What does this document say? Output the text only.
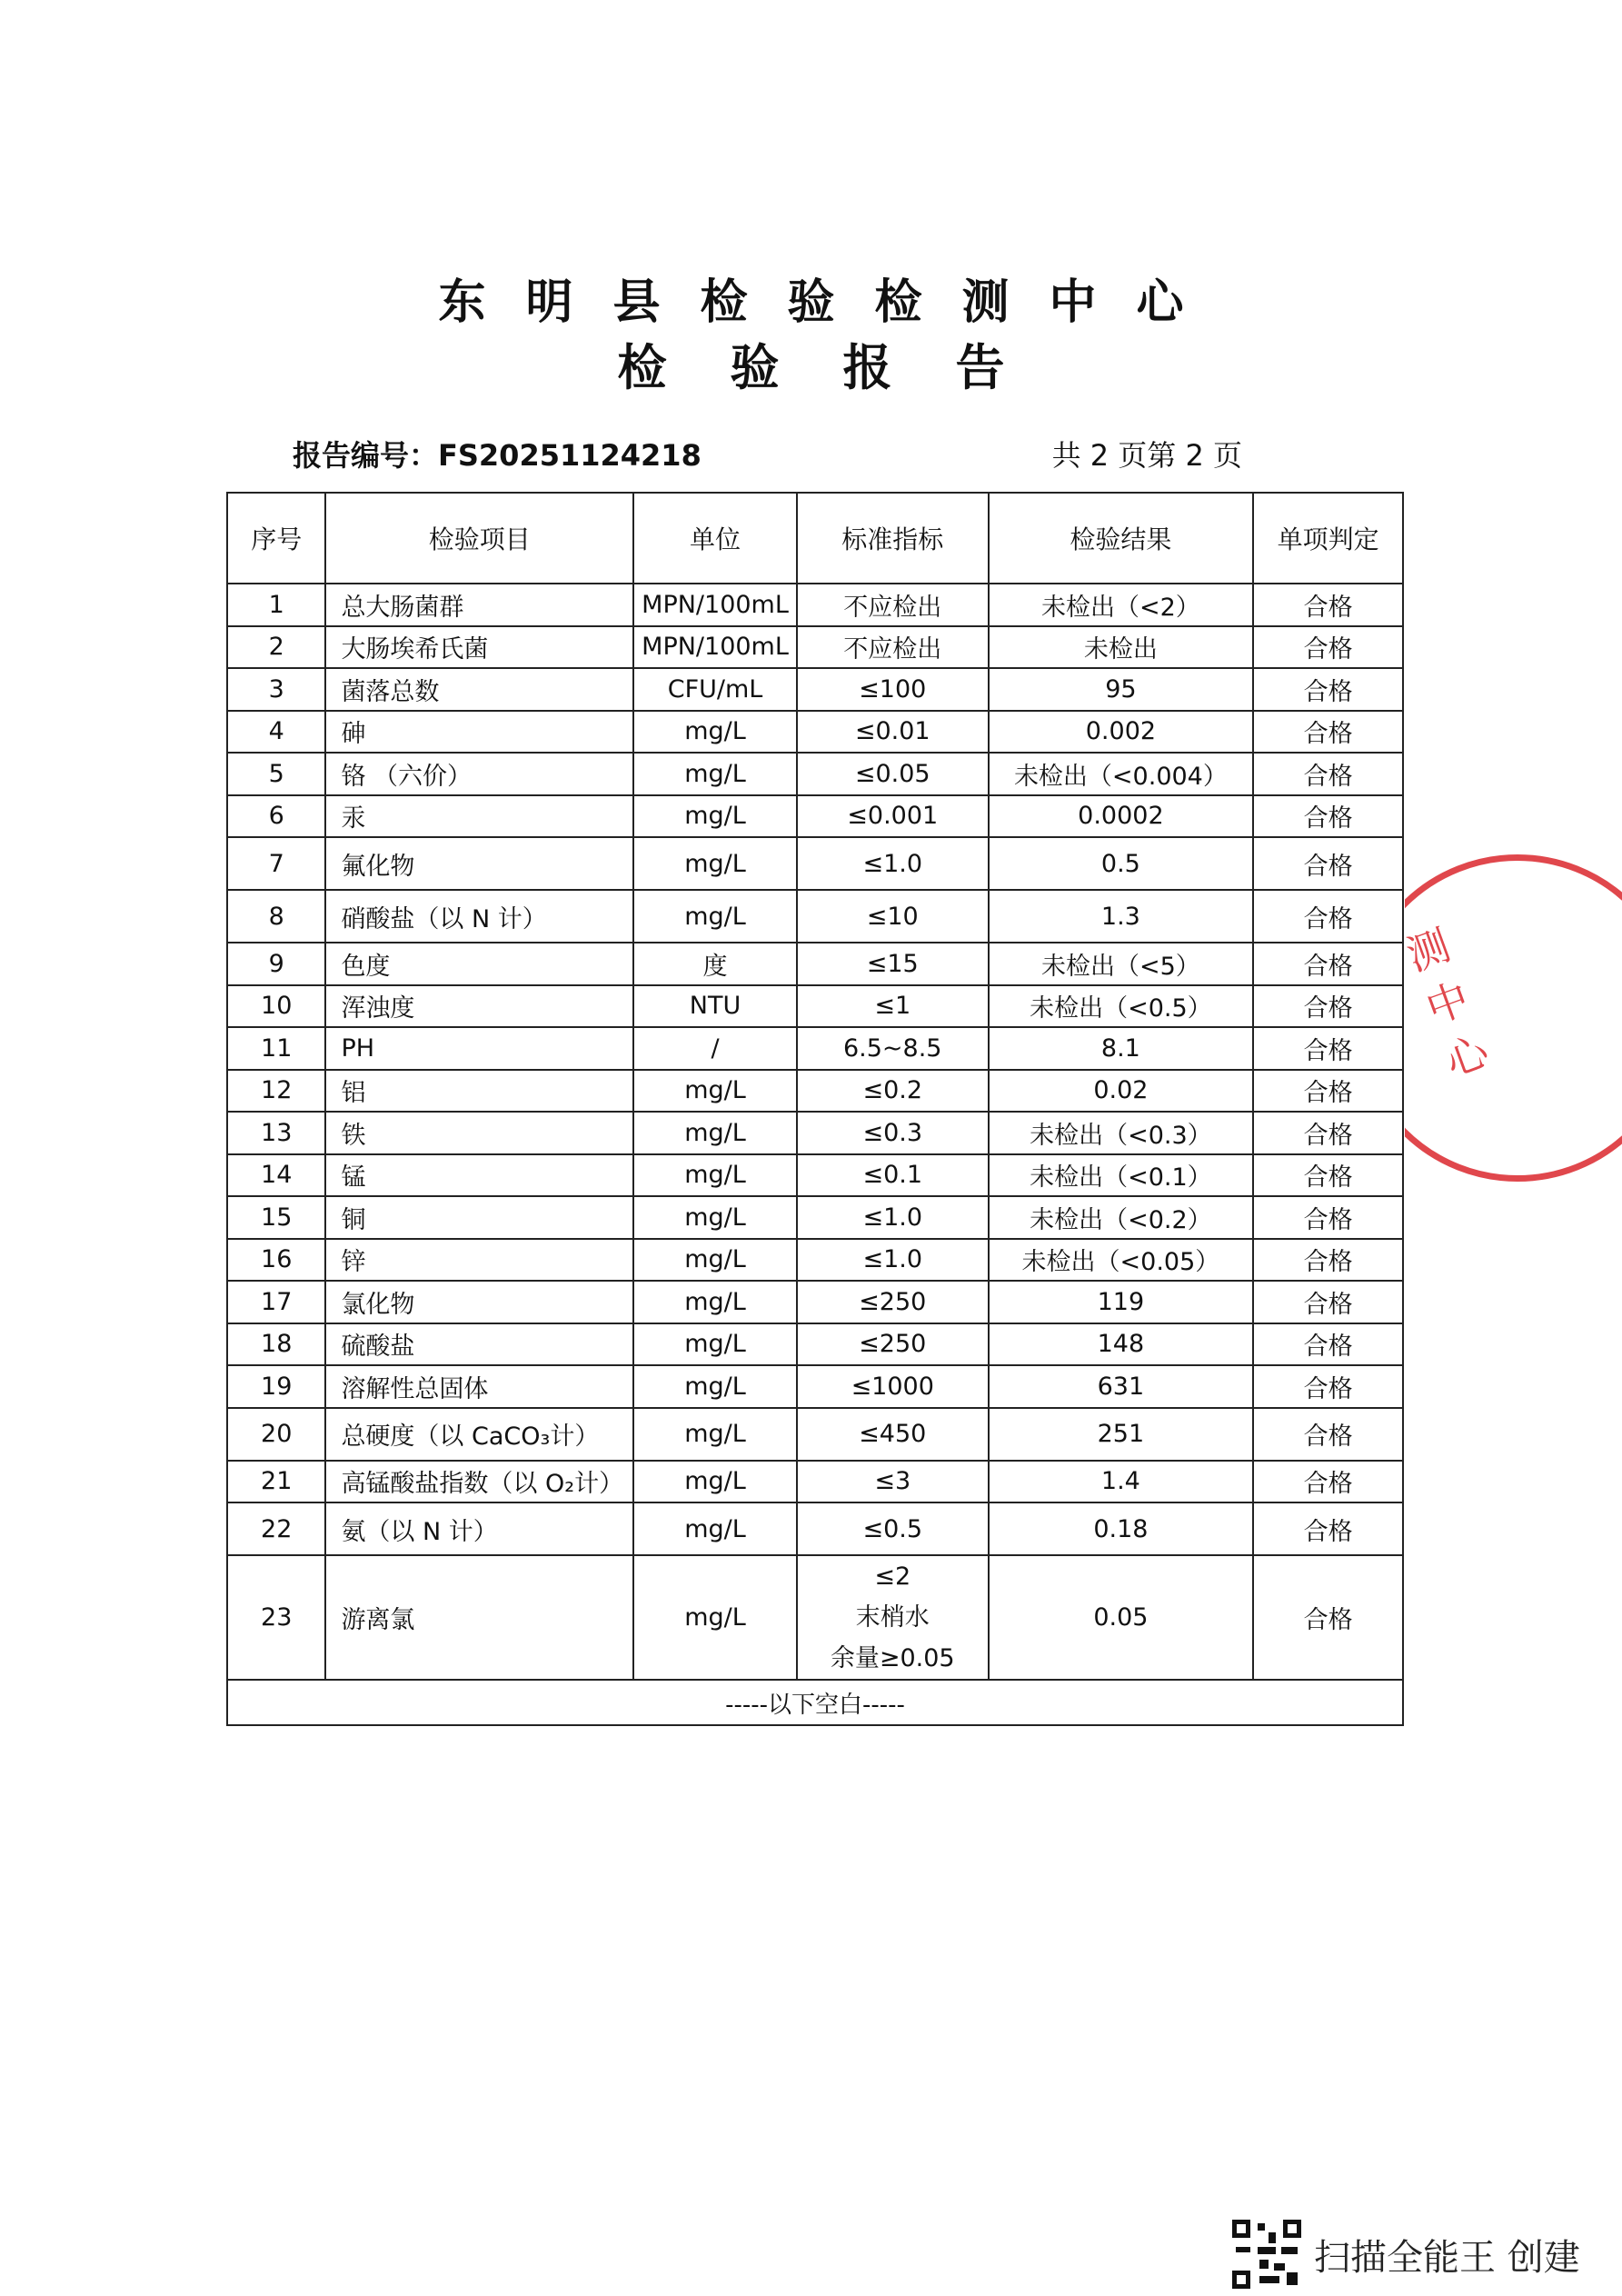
东明县检验检测中心
检验报告
报告编号：FS20251124218	共 2 页第 2 页
序号	检验项目	单位	标准指标	检验结果	单项判定
1	总大肠菌群	MPN/100mL	不应检出	未检出（<2）	合格
2	大肠埃希氏菌	MPN/100mL	不应检出	未检出	合格
3	菌落总数	CFU/mL	≤100	95	合格
4	砷	mg/L	≤0.01	0.002	合格
5	铬 （六价）	mg/L	≤0.05	未检出（<0.004）	合格
6	汞	mg/L	≤0.001	0.0002	合格
7	氟化物	mg/L	≤1.0	0.5	合格
8	硝酸盐（以 N 计）	mg/L	≤10	1.3	合格
9	色度	度	≤15	未检出（<5）	合格
10	浑浊度	NTU	≤1	未检出（<0.5）	合格
11	PH	/	6.5~8.5	8.1	合格
12	铝	mg/L	≤0.2	0.02	合格
13	铁	mg/L	≤0.3	未检出（<0.3）	合格
14	锰	mg/L	≤0.1	未检出（<0.1）	合格
15	铜	mg/L	≤1.0	未检出（<0.2）	合格
16	锌	mg/L	≤1.0	未检出（<0.05）	合格
17	氯化物	mg/L	≤250	119	合格
18	硫酸盐	mg/L	≤250	148	合格
19	溶解性总固体	mg/L	≤1000	631	合格
20	总硬度（以 CaCO₃计）	mg/L	≤450	251	合格
21	高锰酸盐指数（以 O₂计）	mg/L	≤3	1.4	合格
22	氨（以 N 计）	mg/L	≤0.5	0.18	合格
23	游离氯	mg/L	≤2
末梢水
余量≥0.05	0.05	合格
-----以下空白-----					
测中心
扫描全能王 创建
